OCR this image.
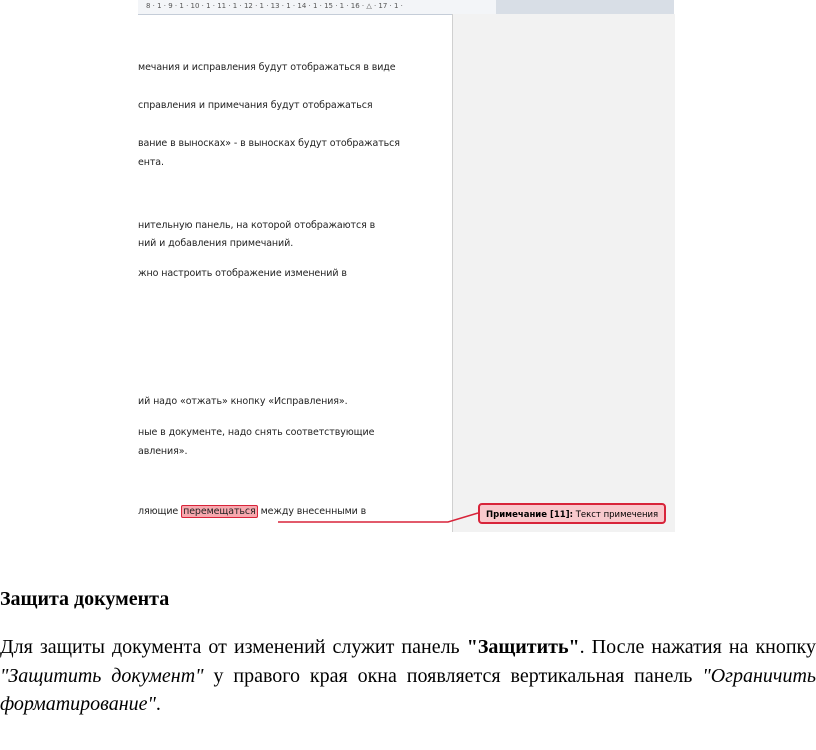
8 · 1 · 9 · 1 · 10 · 1 · 11 · 1 · 12 · 1 · 13 · 1 · 14 · 1 · 15 · 1 · 16 · △ · 17 · 1 ·
мечания и исправления будут отображаться в виде
справления и примечания будут отображаться
вание в выносках» - в выносках будут отображаться
ента.
нительную панель, на которой отображаются в
ний и добавления примечаний.
жно настроить отображение изменений в
ий надо «отжать» кнопку «Исправления».
ные в документе, надо снять соответствующие
авления».
ляющие перемещаться между внесенными в	Примечание [11]: Текст примечения
Защита документа
Для защиты документа от изменений служит панель "Защитить". После нажатия на кнопку "Защитить документ" у правого края окна появляется вертикальная панель "Ограничить форматирование".
